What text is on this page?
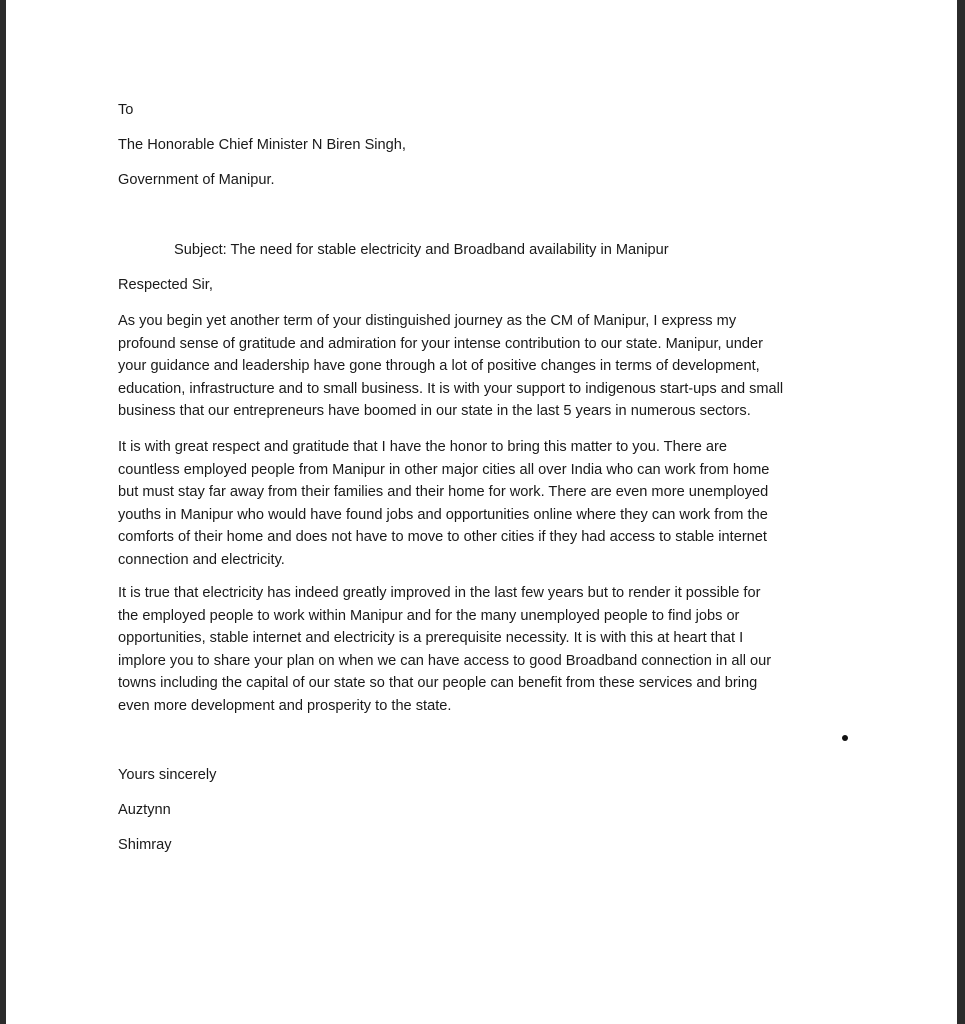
To
The Honorable Chief Minister N Biren Singh,
Government of Manipur.
Subject: The need for stable electricity and Broadband availability in Manipur
Respected Sir,
As you begin yet another term of your distinguished journey as the CM of Manipur, I express my
profound sense of gratitude and admiration for your intense contribution to our state. Manipur, under
your guidance and leadership have gone through a lot of positive changes in terms of development,
education, infrastructure and to small business. It is with your support to indigenous start-ups and small
business that our entrepreneurs have boomed in our state in the last 5 years in numerous sectors.
It is with great respect and gratitude that I have the honor to bring this matter to you. There are
countless employed people from Manipur in other major cities all over India who can work from home
but must stay far away from their families and their home for work. There are even more unemployed
youths in Manipur who would have found jobs and opportunities online where they can work from the
comforts of their home and does not have to move to other cities if they had access to stable internet
connection and electricity.
It is true that electricity has indeed greatly improved in the last few years but to render it possible for
the employed people to work within Manipur and for the many unemployed people to find jobs or
opportunities, stable internet and electricity is a prerequisite necessity. It is with this at heart that I
implore you to share your plan on when we can have access to good Broadband connection in all our
towns including the capital of our state so that our people can benefit from these services and bring
even more development and prosperity to the state.
Yours sincerely
Auztynn
Shimray
